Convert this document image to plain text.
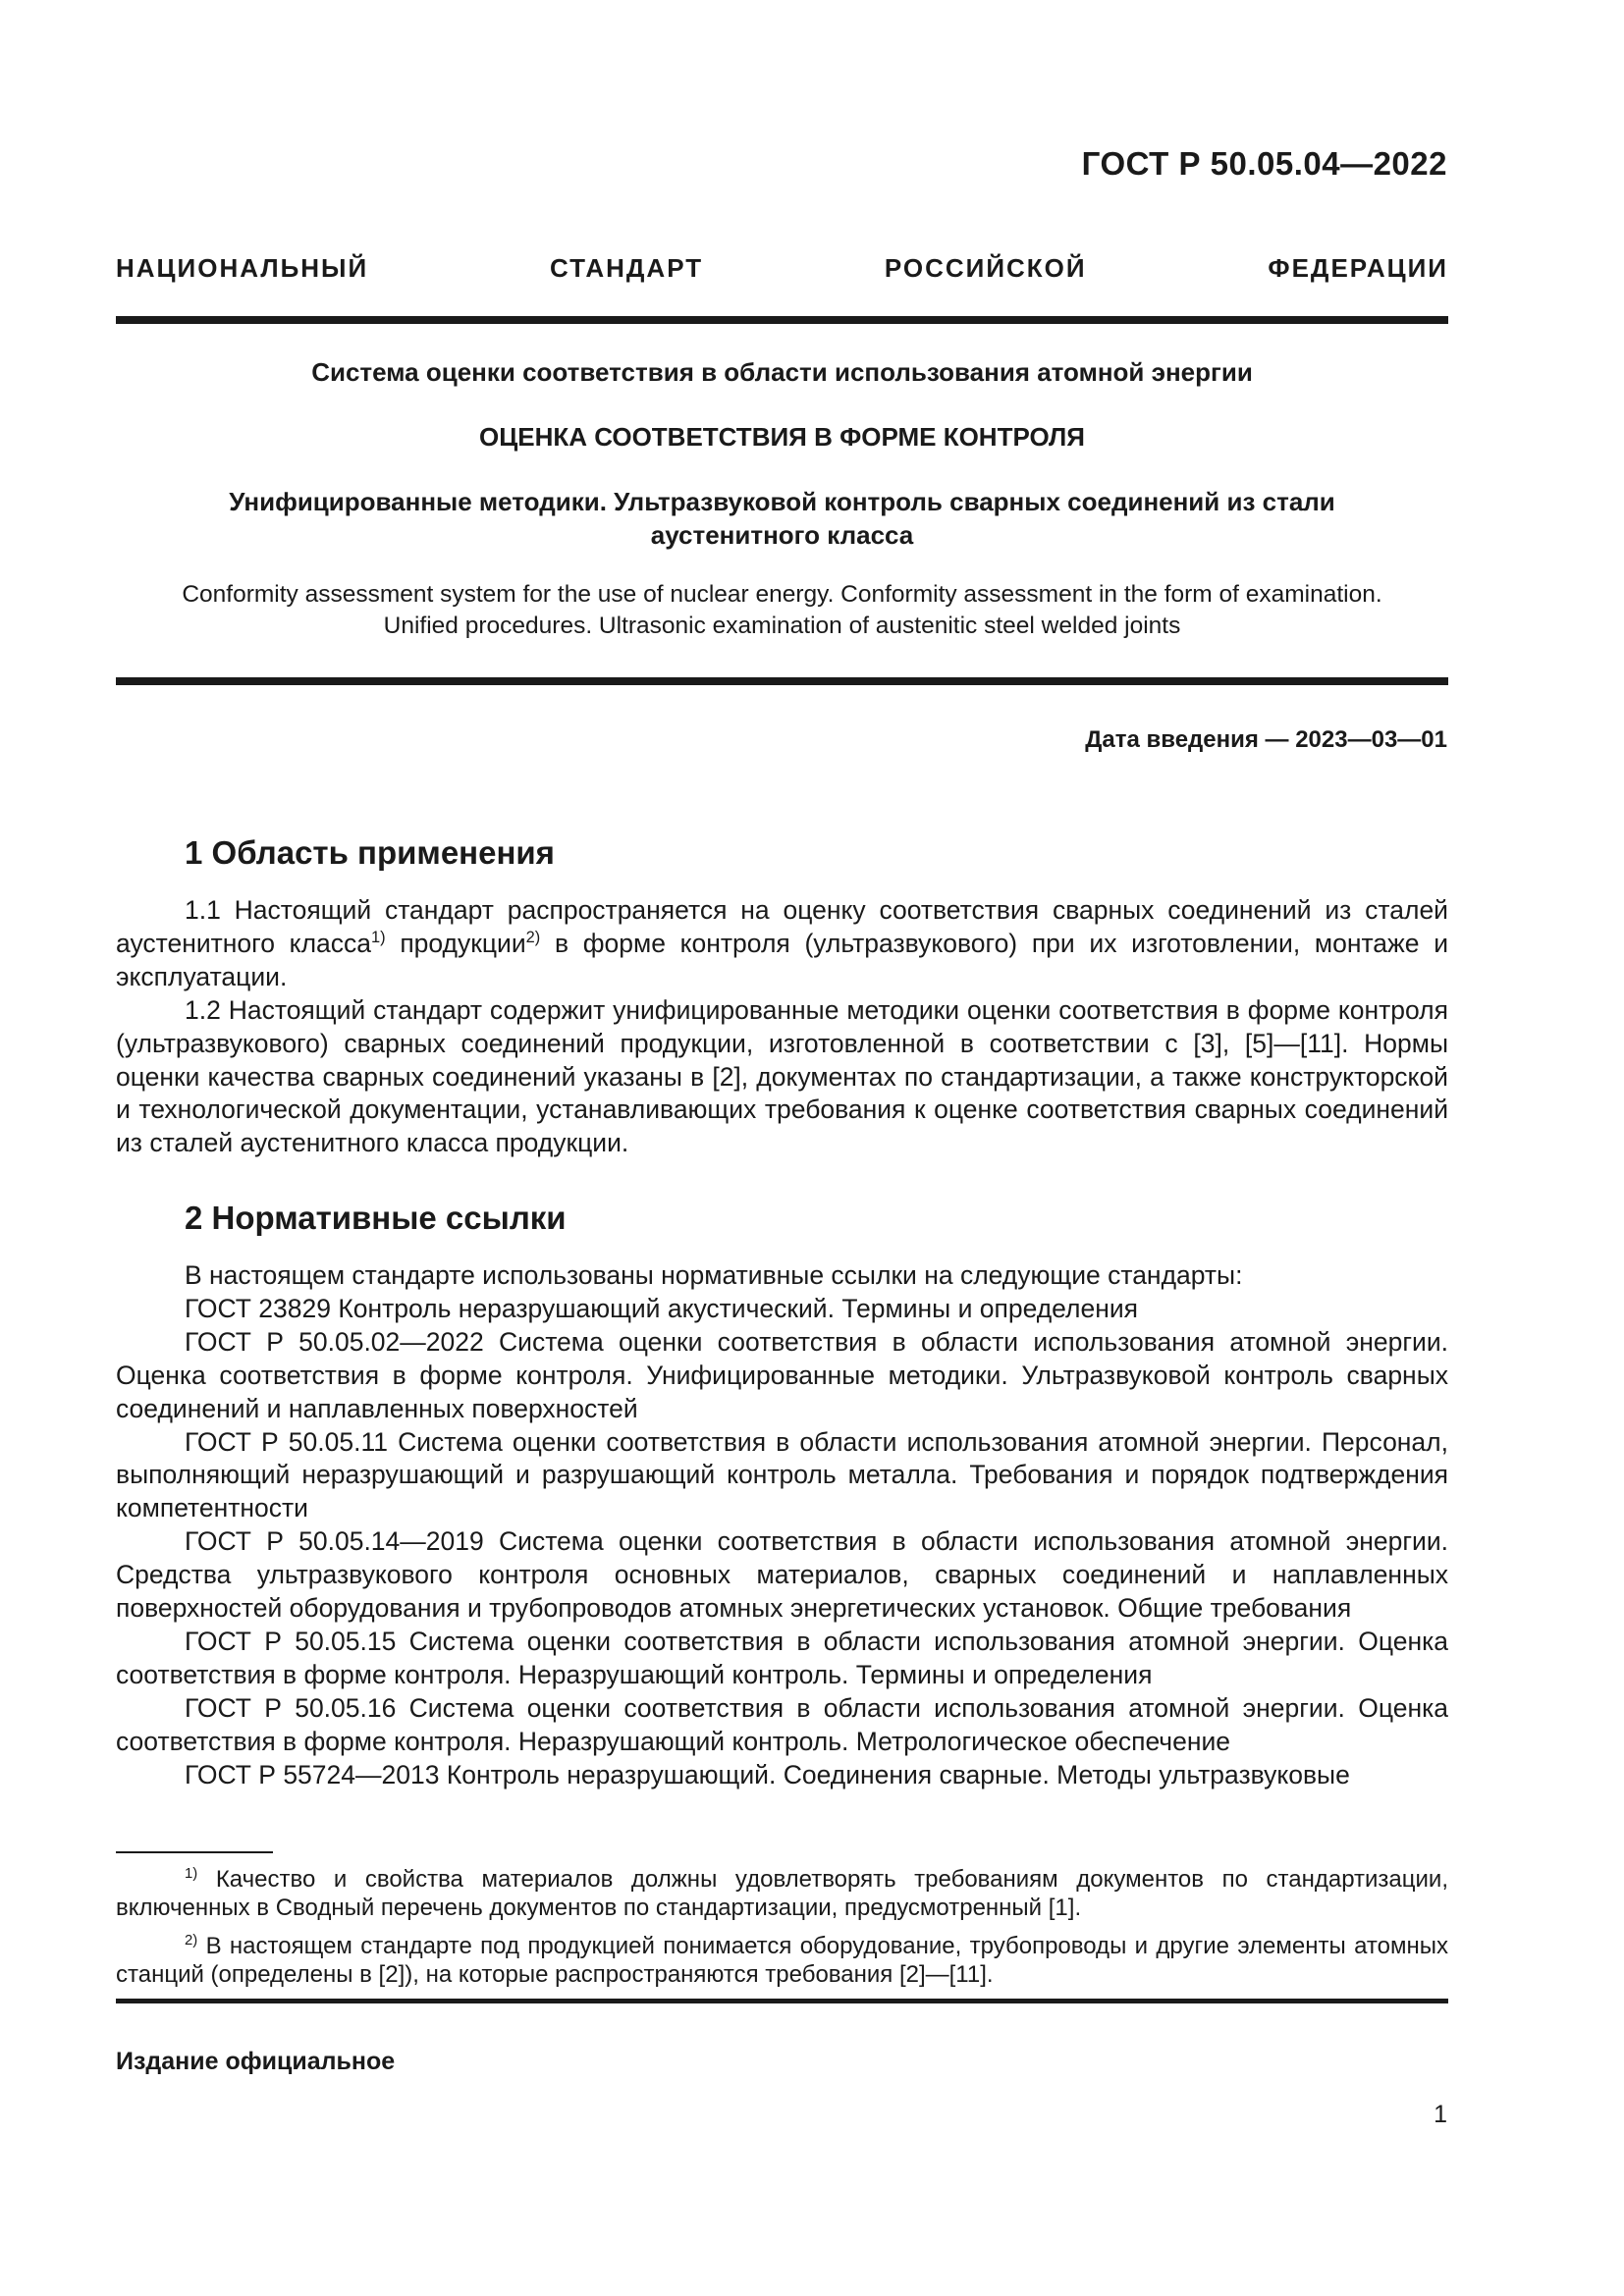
ГОСТ Р 50.05.04—2022
НАЦИОНАЛЬНЫЙ СТАНДАРТ РОССИЙСКОЙ ФЕДЕРАЦИИ
Система оценки соответствия в области использования атомной энергии
ОЦЕНКА СООТВЕТСТВИЯ В ФОРМЕ КОНТРОЛЯ
Унифицированные методики. Ультразвуковой контроль сварных соединений из стали
аустенитного класса
Conformity assessment system for the use of nuclear energy. Conformity assessment in the form of examination.
Unified procedures. Ultrasonic examination of austenitic steel welded joints
Дата введения — 2023—03—01
1 Область применения

1.1 Настоящий стандарт распространяется на оценку соответствия сварных соединений из сталей аустенитного класса$^{1)}$ продукции$^{2)}$ в форме контроля (ультразвукового) при их изготовлении, монтаже и эксплуатации.

1.2 Настоящий стандарт содержит унифицированные методики оценки соответствия в форме контроля (ультразвукового) сварных соединений продукции, изготовленной в соответствии с [3], [5]—[11]. Нормы оценки качества сварных соединений указаны в [2], документах по стандартизации, а также конструкторской и технологической документации, устанавливающих требования к оценке соответствия сварных соединений из сталей аустенитного класса продукции.

2 Нормативные ссылки

В настоящем стандарте использованы нормативные ссылки на следующие стандарты:

ГОСТ 23829 Контроль неразрушающий акустический. Термины и определения

ГОСТ Р 50.05.02—2022 Система оценки соответствия в области использования атомной энергии. Оценка соответствия в форме контроля. Унифицированные методики. Ультразвуковой контроль сварных соединений и наплавленных поверхностей

ГОСТ Р 50.05.11 Система оценки соответствия в области использования атомной энергии. Персонал, выполняющий неразрушающий и разрушающий контроль металла. Требования и порядок подтверждения компетентности

ГОСТ Р 50.05.14—2019 Система оценки соответствия в области использования атомной энергии. Средства ультразвукового контроля основных материалов, сварных соединений и наплавленных поверхностей оборудования и трубопроводов атомных энергетических установок. Общие требования

ГОСТ Р 50.05.15 Система оценки соответствия в области использования атомной энергии. Оценка соответствия в форме контроля. Неразрушающий контроль. Термины и определения

ГОСТ Р 50.05.16 Система оценки соответствия в области использования атомной энергии. Оценка соответствия в форме контроля. Неразрушающий контроль. Метрологическое обеспечение

ГОСТ Р 55724—2013 Контроль неразрушающий. Соединения сварные. Методы ультразвуковые

$^{1)}$ Качество и свойства материалов должны удовлетворять требованиям документов по стандартизации, включенных в Сводный перечень документов по стандартизации, предусмотренный [1].

$^{2)}$ В настоящем стандарте под продукцией понимается оборудование, трубопроводы и другие элементы атомных станций (определены в [2]), на которые распространяются требования [2]—[11].

Издание официальное
1
